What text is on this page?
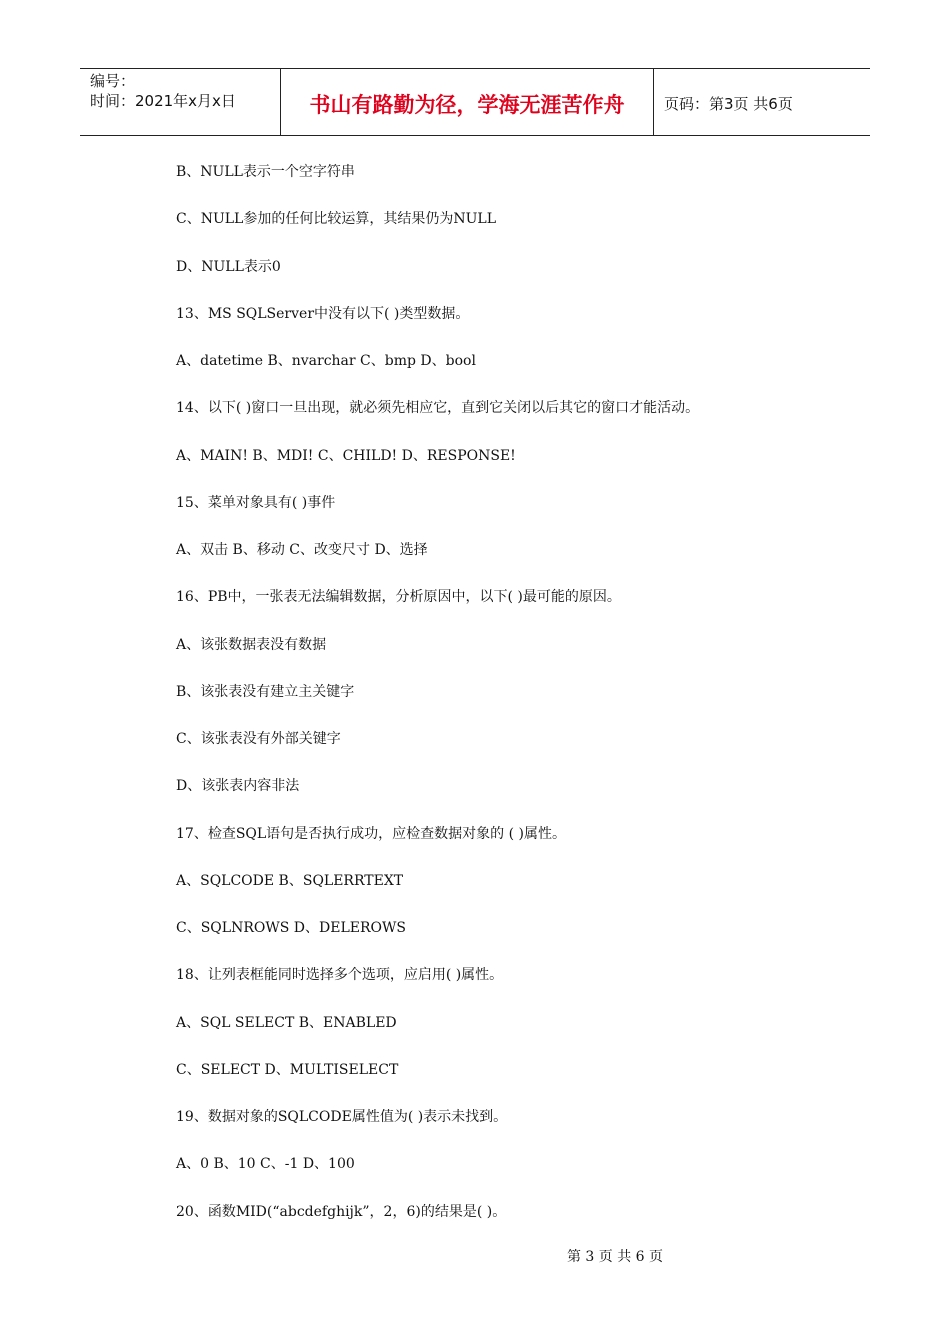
编号：
时间：2021年x月x日	书山有路勤为径，学海无涯苦作舟	页码：第3页 共6页
B、NULL表示一个空字符串
C、NULL参加的任何比较运算，其结果仍为NULL
D、NULL表示0
13、MS SQLServer中没有以下( )类型数据。
A、datetime B、nvarchar C、bmp D、bool
14、以下( )窗口一旦出现，就必须先相应它，直到它关闭以后其它的窗口才能活动。
A、MAIN! B、MDI! C、CHILD! D、RESPONSE!
15、菜单对象具有( )事件
A、双击 B、移动 C、改变尺寸 D、选择
16、PB中，一张表无法编辑数据，分析原因中，以下( )最可能的原因。
A、该张数据表没有数据
B、该张表没有建立主关键字
C、该张表没有外部关键字
D、该张表内容非法
17、检查SQL语句是否执行成功，应检查数据对象的 ( )属性。
A、SQLCODE B、SQLERRTEXT
C、SQLNROWS D、DELEROWS
18、让列表框能同时选择多个选项，应启用( )属性。
A、SQL SELECT B、ENABLED
C、SELECT D、MULTISELECT
19、数据对象的SQLCODE属性值为( )表示未找到。
A、0 B、10 C、-1 D、100
20、函数MID(“abcdefghijk”，2，6)的结果是( )。
第 3 页 共 6 页
